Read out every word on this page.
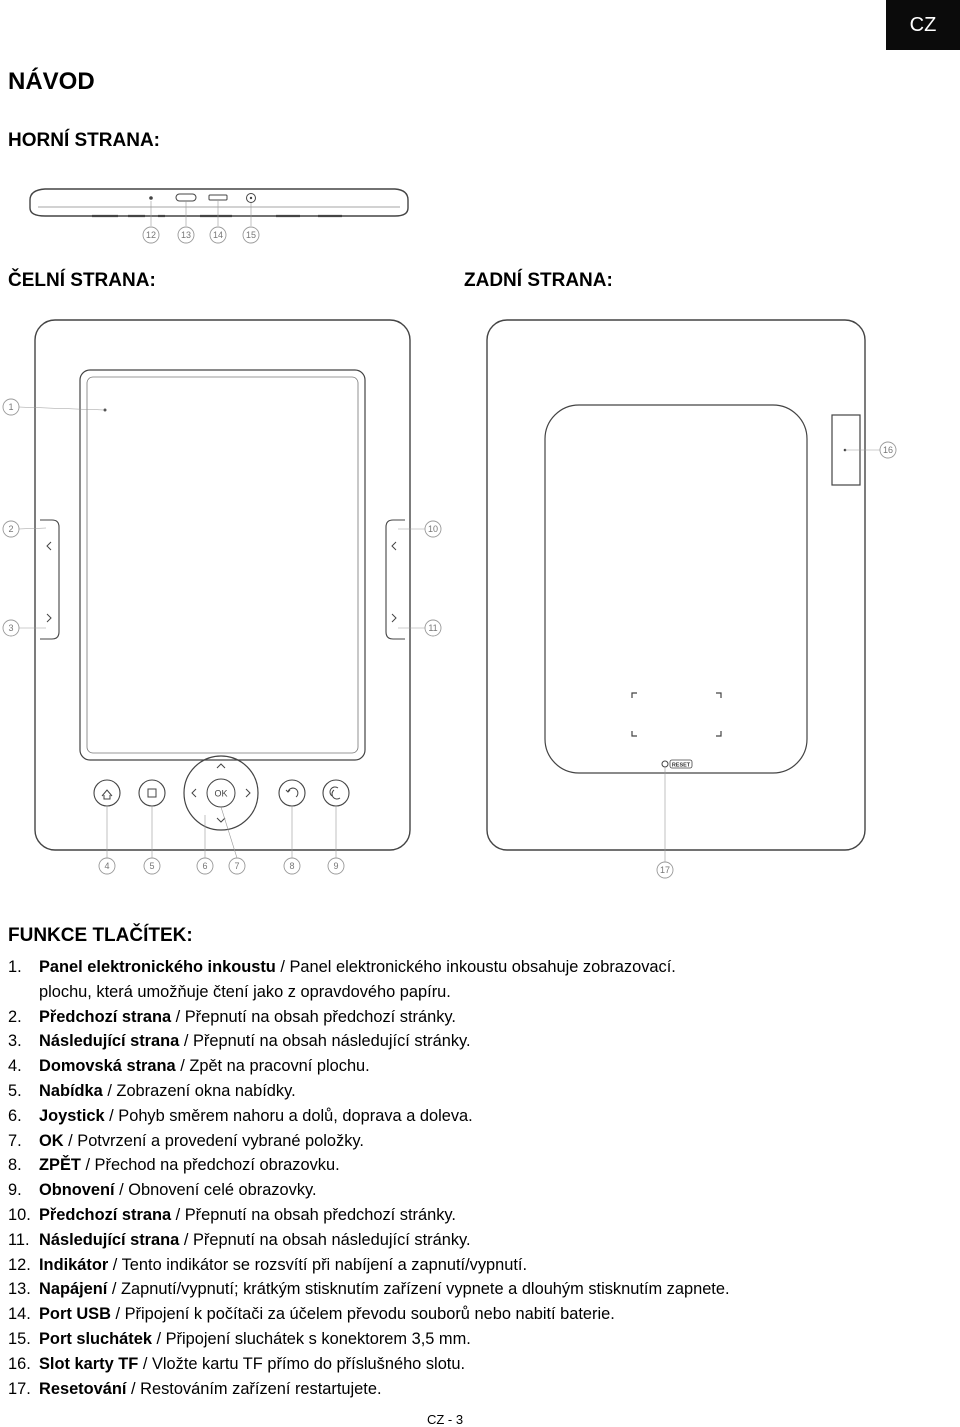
CZ
NÁVOD
HORNÍ STRANA:
ČELNÍ STRANA:	ZADNÍ STRANA:
12	13 14	15
OK
RESET
1
2
3
4	5	6	7	8	9
10
11
16
17
FUNKCE TLAČÍTEK:
1.	Panel elektronického inkoustu / Panel elektronického inkoustu obsahuje zobrazovací.
plochu, která umožňuje čtení jako z opravdového papíru.
2.	Předchozí strana / Přepnutí na obsah předchozí stránky.
3.	Následující strana / Přepnutí na obsah následující stránky.
4.	Domovská strana / Zpět na pracovní plochu.
5.	Nabídka / Zobrazení okna nabídky.
6.	Joystick / Pohyb směrem nahoru a dolů, doprava a doleva.
7.	OK / Potvrzení a provedení vybrané položky.
8.	ZPĚT / Přechod na předchozí obrazovku.
9.	Obnovení / Obnovení celé obrazovky.
10. Předchozí strana / Přepnutí na obsah předchozí stránky.
11. Následující strana / Přepnutí na obsah následující stránky.
12. Indikátor / Tento indikátor se rozsvítí při nabíjení a zapnutí/vypnutí.
13. Napájení / Zapnutí/vypnutí; krátkým stisknutím zařízení vypnete a dlouhým stisknutím zapnete.
14. Port USB / Připojení k počítači za účelem převodu souborů nebo nabití baterie.
15. Port sluchátek / Připojení sluchátek s konektorem 3,5 mm.
16. Slot karty TF / Vložte kartu TF přímo do příslušného slotu.
17. Resetování / Restováním zařízení restartujete.
CZ - 3
